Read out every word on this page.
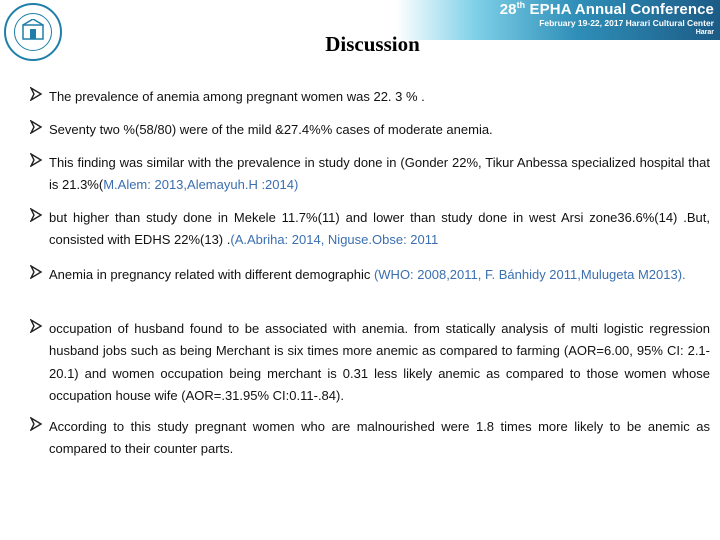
28th EPHA Annual Conference
February 19-22, 2017 Harari Cultural Center
Harar
Discussion
The prevalence of anemia among pregnant women was 22. 3 % .
Seventy two %(58/80) were of the mild &27.4%% cases of moderate anemia.
This finding was similar with the prevalence in study done in (Gonder 22%, Tikur Anbessa specialized hospital that is 21.3%(M.Alem: 2013,Alemayuh.H :2014)
but higher than study done in Mekele 11.7%(11) and lower than study done in west Arsi zone36.6%(14) .But, consisted with EDHS 22%(13) .(A.Abriha: 2014, Niguse.Obse: 2011
Anemia in pregnancy related with different demographic (WHO: 2008,2011, F. Bánhidy 2011,Mulugeta M2013).
occupation of husband found to be associated with anemia. from statically analysis of multi logistic regression husband jobs such as being Merchant is six times more anemic as compared to farming (AOR=6.00, 95% CI: 2.1-20.1) and women occupation being merchant is 0.31 less likely anemic as compared to those women whose occupation house wife (AOR=.31.95% CI:0.11-.84).
According to this study pregnant women who are malnourished were 1.8 times more likely to be anemic as compared to their counter parts.
